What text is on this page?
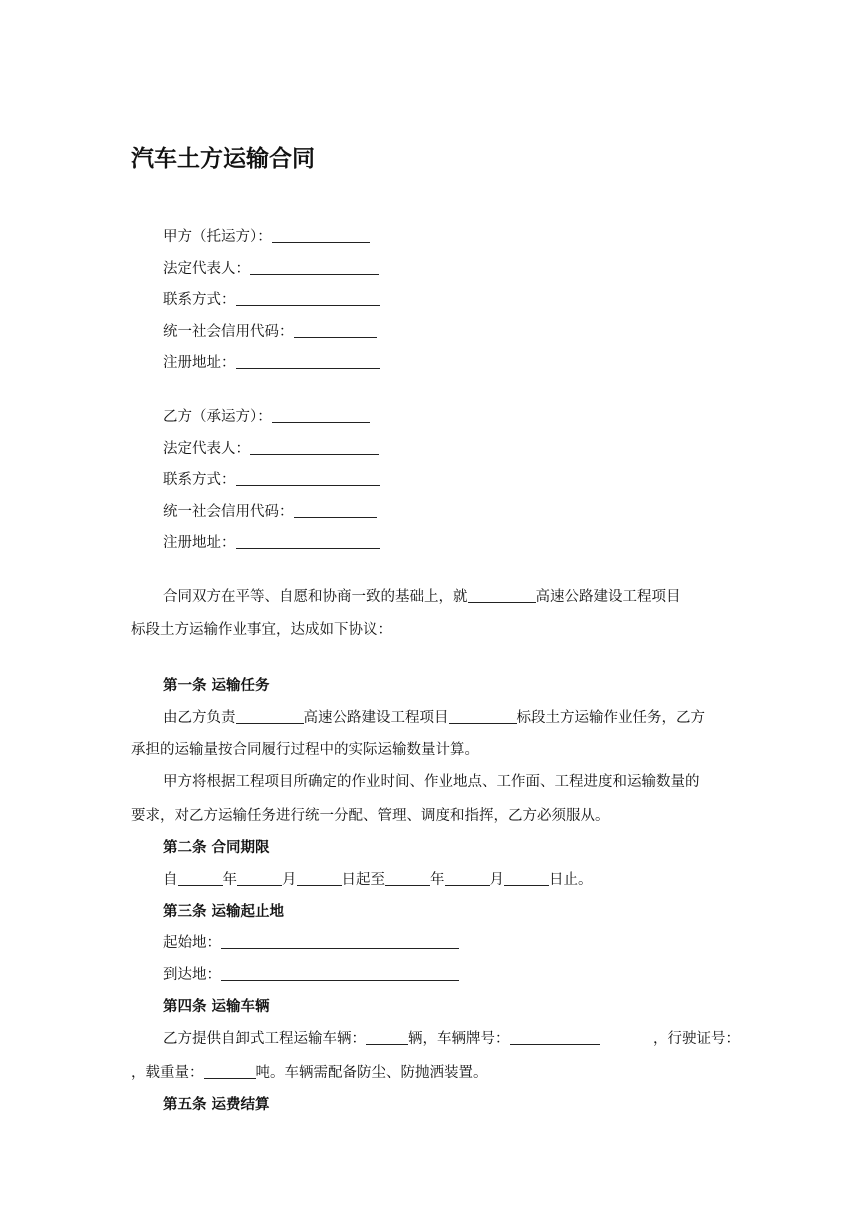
汽车土方运输合同
甲方（托运方）：
法定代表人：
联系方式：
统一社会信用代码：
注册地址：
乙方（承运方）：
法定代表人：
联系方式：
统一社会信用代码：
注册地址：
合同双方在平等、自愿和协商一致的基础上，就	高速公路建设工程项目
标段土方运输作业事宜，达成如下协议：
第一条 运输任务
由乙方负责	高速公路建设工程项目	标段土方运输作业任务，乙方
承担的运输量按合同履行过程中的实际运输数量计算。
甲方将根据工程项目所确定的作业时间、作业地点、工作面、工程进度和运输数量的
要求，对乙方运输任务进行统一分配、管理、调度和指挥，乙方必须服从。
第二条 合同期限
自	年	月	日起至	年	月	日止。
第三条 运输起止地
起始地：
到达地：
第四条 运输车辆
乙方提供自卸式工程运输车辆：	辆，车辆牌号：	，行驶证号：
，载重量：	吨。车辆需配备防尘、防抛洒装置。
第五条 运费结算
